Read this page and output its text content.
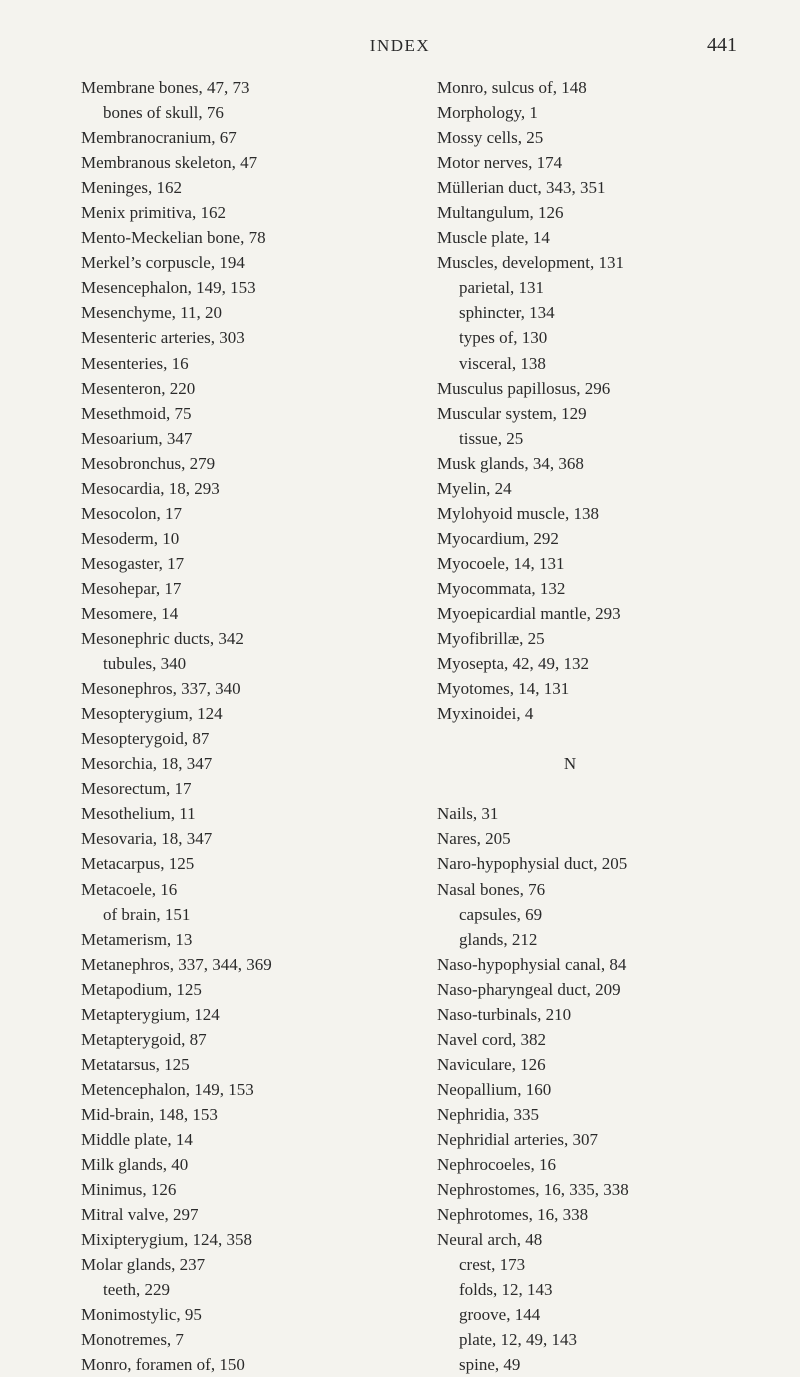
INDEX	441
Membrane bones, 47, 73
bones of skull, 76
Membranocranium, 67
Membranous skeleton, 47
Meninges, 162
Menix primitiva, 162
Mento-Meckelian bone, 78
Merkel’s corpuscle, 194
Mesencephalon, 149, 153
Mesenchyme, 11, 20
Mesenteric arteries, 303
Mesenteries, 16
Mesenteron, 220
Mesethmoid, 75
Mesoarium, 347
Mesobronchus, 279
Mesocardia, 18, 293
Mesocolon, 17
Mesoderm, 10
Mesogaster, 17
Mesohepar, 17
Mesomere, 14
Mesonephric ducts, 342
tubules, 340
Mesonephros, 337, 340
Mesopterygium, 124
Mesopterygoid, 87
Mesorchia, 18, 347
Mesorectum, 17
Mesothelium, 11
Mesovaria, 18, 347
Metacarpus, 125
Metacoele, 16
of brain, 151
Metamerism, 13
Metanephros, 337, 344, 369
Metapodium, 125
Metapterygium, 124
Metapterygoid, 87
Metatarsus, 125
Metencephalon, 149, 153
Mid-brain, 148, 153
Middle plate, 14
Milk glands, 40
Minimus, 126
Mitral valve, 297
Mixipterygium, 124, 358
Molar glands, 237
teeth, 229
Monimostylic, 95
Monotremes, 7
Monro, foramen of, 150
Monro, sulcus of, 148
Morphology, 1
Mossy cells, 25
Motor nerves, 174
Müllerian duct, 343, 351
Multangulum, 126
Muscle plate, 14
Muscles, development, 131
parietal, 131
sphincter, 134
types of, 130
visceral, 138
Musculus papillosus, 296
Muscular system, 129
tissue, 25
Musk glands, 34, 368
Myelin, 24
Mylohyoid muscle, 138
Myocardium, 292
Myocoele, 14, 131
Myocommata, 132
Myoepicardial mantle, 293
Myofibrillæ, 25
Myosepta, 42, 49, 132
Myotomes, 14, 131
Myxinoidei, 4
N
Nails, 31
Nares, 205
Naro-hypophysial duct, 205
Nasal bones, 76
capsules, 69
glands, 212
Naso-hypophysial canal, 84
Naso-pharyngeal duct, 209
Naso-turbinals, 210
Navel cord, 382
Naviculare, 126
Neopallium, 160
Nephridia, 335
Nephridial arteries, 307
Nephrocoeles, 16
Nephrostomes, 16, 335, 338
Nephrotomes, 16, 338
Neural arch, 48
crest, 173
folds, 12, 143
groove, 144
plate, 12, 49, 143
spine, 49
